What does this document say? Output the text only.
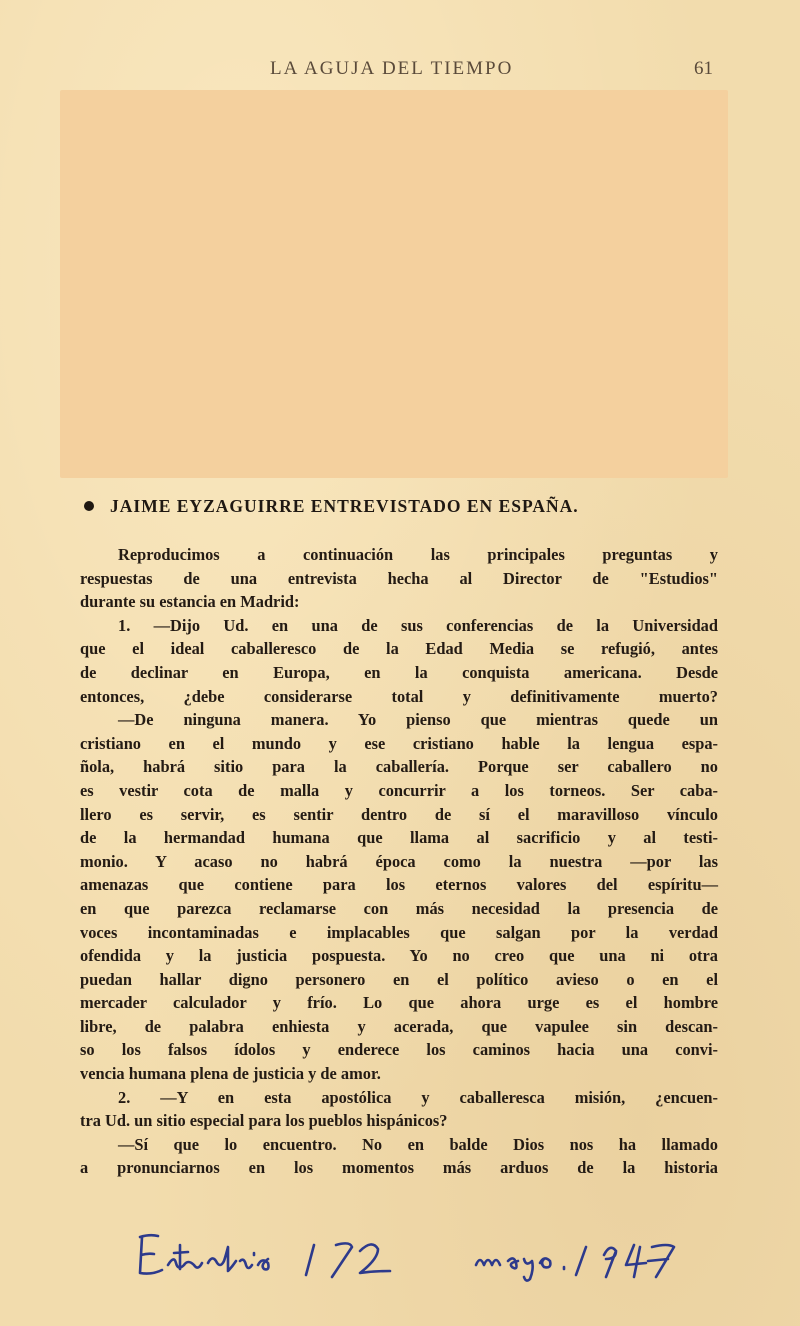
LA AGUJA DEL TIEMPO	61
JAIME EYZAGUIRRE ENTREVISTADO EN ESPAÑA.
Reproducimos a continuación las principales preguntas y
respuestas de una entrevista hecha al Director de "Estudios"
durante su estancia en Madrid:
1. —Dijo Ud. en una de sus conferencias de la Universidad
que el ideal caballeresco de la Edad Media se refugió, antes
de declinar en Europa, en la conquista americana. Desde
entonces, ¿debe considerarse total y definitivamente muerto?
—De ninguna manera. Yo pienso que mientras quede un
cristiano en el mundo y ese cristiano hable la lengua espa-
ñola, habrá sitio para la caballería. Porque ser caballero no
es vestir cota de malla y concurrir a los torneos. Ser caba-
llero es servir, es sentir dentro de sí el maravilloso vínculo
de la hermandad humana que llama al sacrificio y al testi-
monio. Y acaso no habrá época como la nuestra —por las
amenazas que contiene para los eternos valores del espíritu—
en que parezca reclamarse con más necesidad la presencia de
voces incontaminadas e implacables que salgan por la verdad
ofendida y la justicia pospuesta. Yo no creo que una ni otra
puedan hallar digno personero en el político avieso o en el
mercader calculador y frío. Lo que ahora urge es el hombre
libre, de palabra enhiesta y acerada, que vapulee sin descan-
so los falsos ídolos y enderece los caminos hacia una convi-
vencia humana plena de justicia y de amor.
2. —Y en esta apostólica y caballeresca misión, ¿encuen-
tra Ud. un sitio especial para los pueblos hispánicos?
—Sí que lo encuentro. No en balde Dios nos ha llamado
a pronunciarnos en los momentos más arduos de la historia
